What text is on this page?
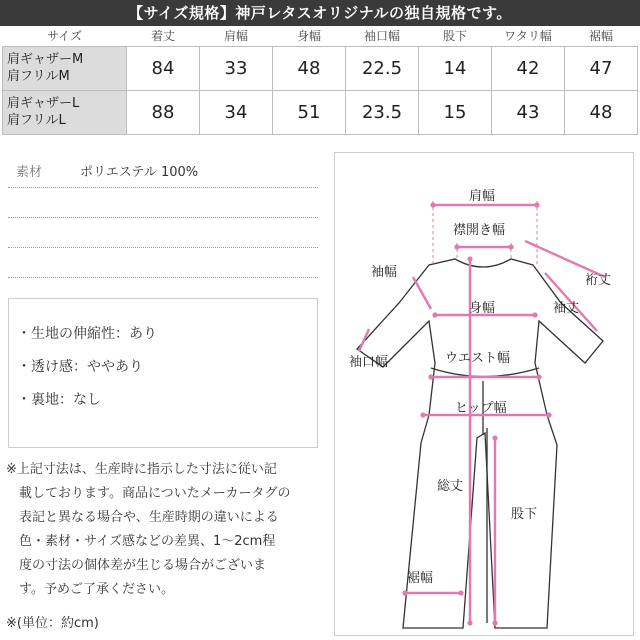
【サイズ規格】神戸レタスオリジナルの独自規格です。
サイズ	着丈	肩幅	身幅	袖口幅	股下	ワタリ幅	裾幅
肩ギャザーM
肩フリルM	84	33	48	22.5	14	42	47
肩ギャザーL
肩フリルL	88	34	51	23.5	15	43	48
素材	ポリエステル 100%
・生地の伸縮性：あり
・透け感：ややあり
・裏地：なし
※上記寸法は、生産時に指示した寸法に従い記
　載しております。商品についたメーカータグの
　表記と異なる場合や、生産時期の違いによる
　色・素材・サイズ感などの差異、1～2cm程
　度の寸法の個体差が生じる場合がございま
　す。予めご了承ください。
※(単位：約cm)
肩幅
襟開き幅
裄丈
袖幅
袖丈
身幅
袖口幅	ウエスト幅
ヒップ幅
総丈
股下
裾幅
